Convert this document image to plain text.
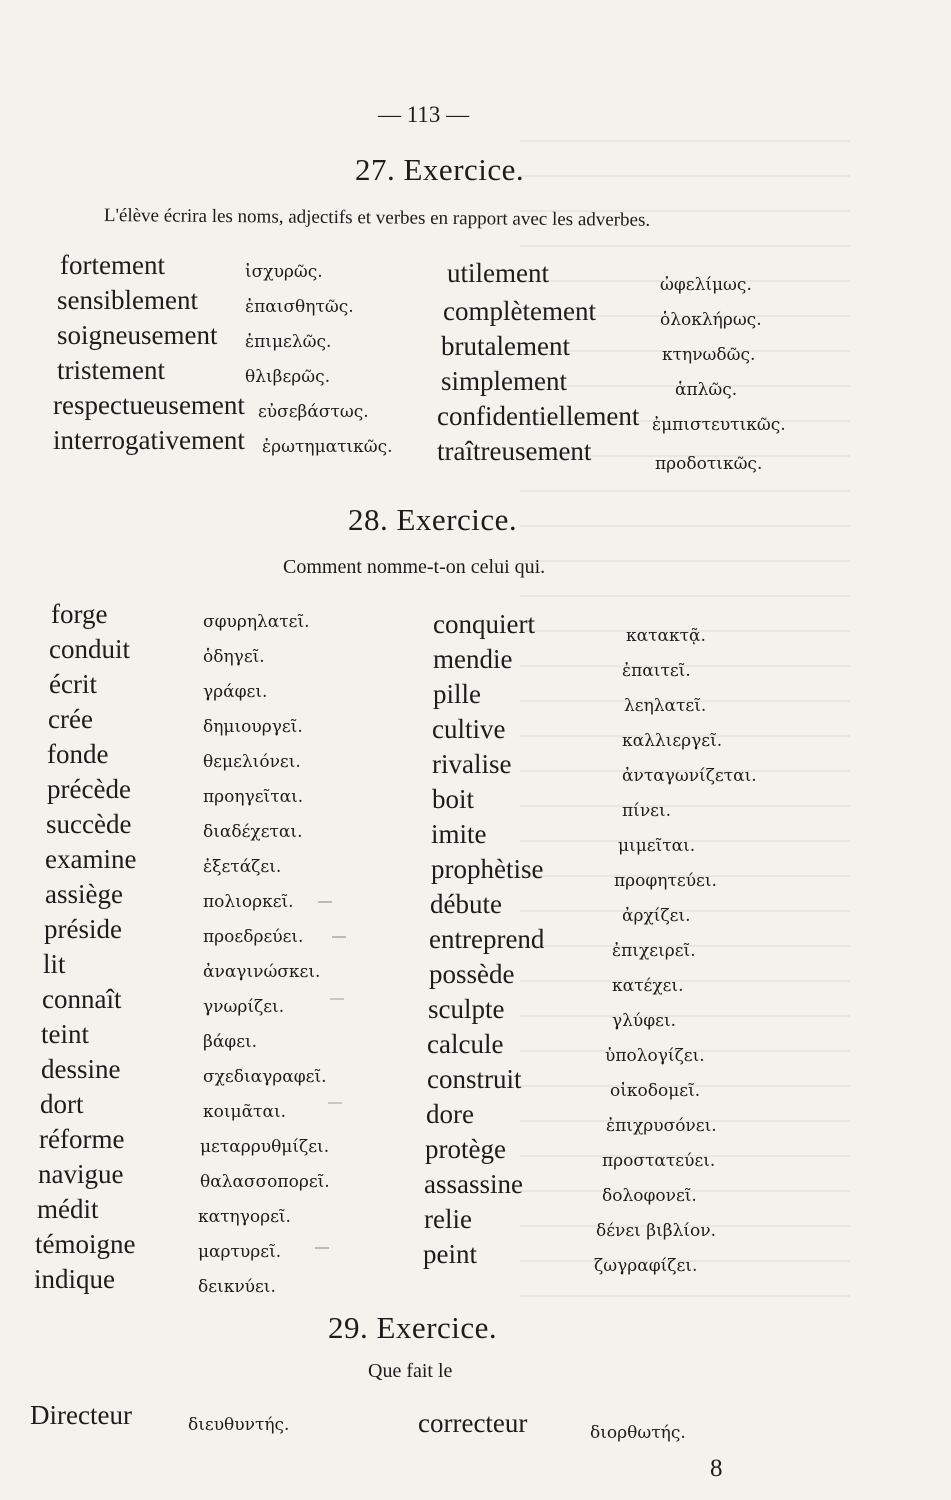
— 113 —
27. Exercice.
L'élève écrira les noms, adjectifs et verbes en rapport avec les adverbes.
fortement	ἰσχυρῶς.
sensiblement	ἐπαισθητῶς.
soigneusement ἐπιμελῶς.
tristement	θλιβερῶς.
respectueusement εὐσεβάστως.
interrogativement ἐρωτηματικῶς.
utilement	ὠφελίμως.
complètement	ὁλοκλήρως.
brutalement	κτηνωδῶς.
simplement	ἁπλῶς.
confidentiellement ἐμπιστευτικῶς.
traîtreusement	προδοτικῶς.
28. Exercice.
Comment nomme-t-on celui qui.
forge	σφυρηλατεῖ.
conduit	ὁδηγεῖ.
écrit	γράφει.
crée	δημιουργεῖ.
fonde	θεμελιόνει.
précède	προηγεῖται.
succède	διαδέχεται.
examine	ἐξετάζει.
assiège	πολιορκεῖ.
préside	προεδρεύει.
lit	ἀναγινώσκει.
connaît	γνωρίζει.
teint	βάφει.
dessine	σχεδιαγραφεῖ.
dort	κοιμᾶται.
réforme	μεταρρυθμίζει.
navigue	θαλασσοπορεῖ.
médit	κατηγορεῖ.
témoigne	μαρτυρεῖ.
indique	δεικνύει.
conquiert	κατακτᾷ.
mendie	ἐπαιτεῖ.
pille	λεηλατεῖ.
cultive	καλλιεργεῖ.
rivalise	ἀνταγωνίζεται.
boit	πίνει.
imite	μιμεῖται.
prophètise	προφητεύει.
débute	ἀρχίζει.
entreprend	ἐπιχειρεῖ.
possède	κατέχει.
sculpte	γλύφει.
calcule	ὑπολογίζει.
construit	οἰκοδομεῖ.
dore	ἐπιχρυσόνει.
protège	προστατεύει.
assassine	δολοφονεῖ.
relie	δένει βιβλίον.
peint	ζωγραφίζει.
29. Exercice.
Que fait le
Directeur	διευθυντής.	correcteur	διορθωτής.
8
